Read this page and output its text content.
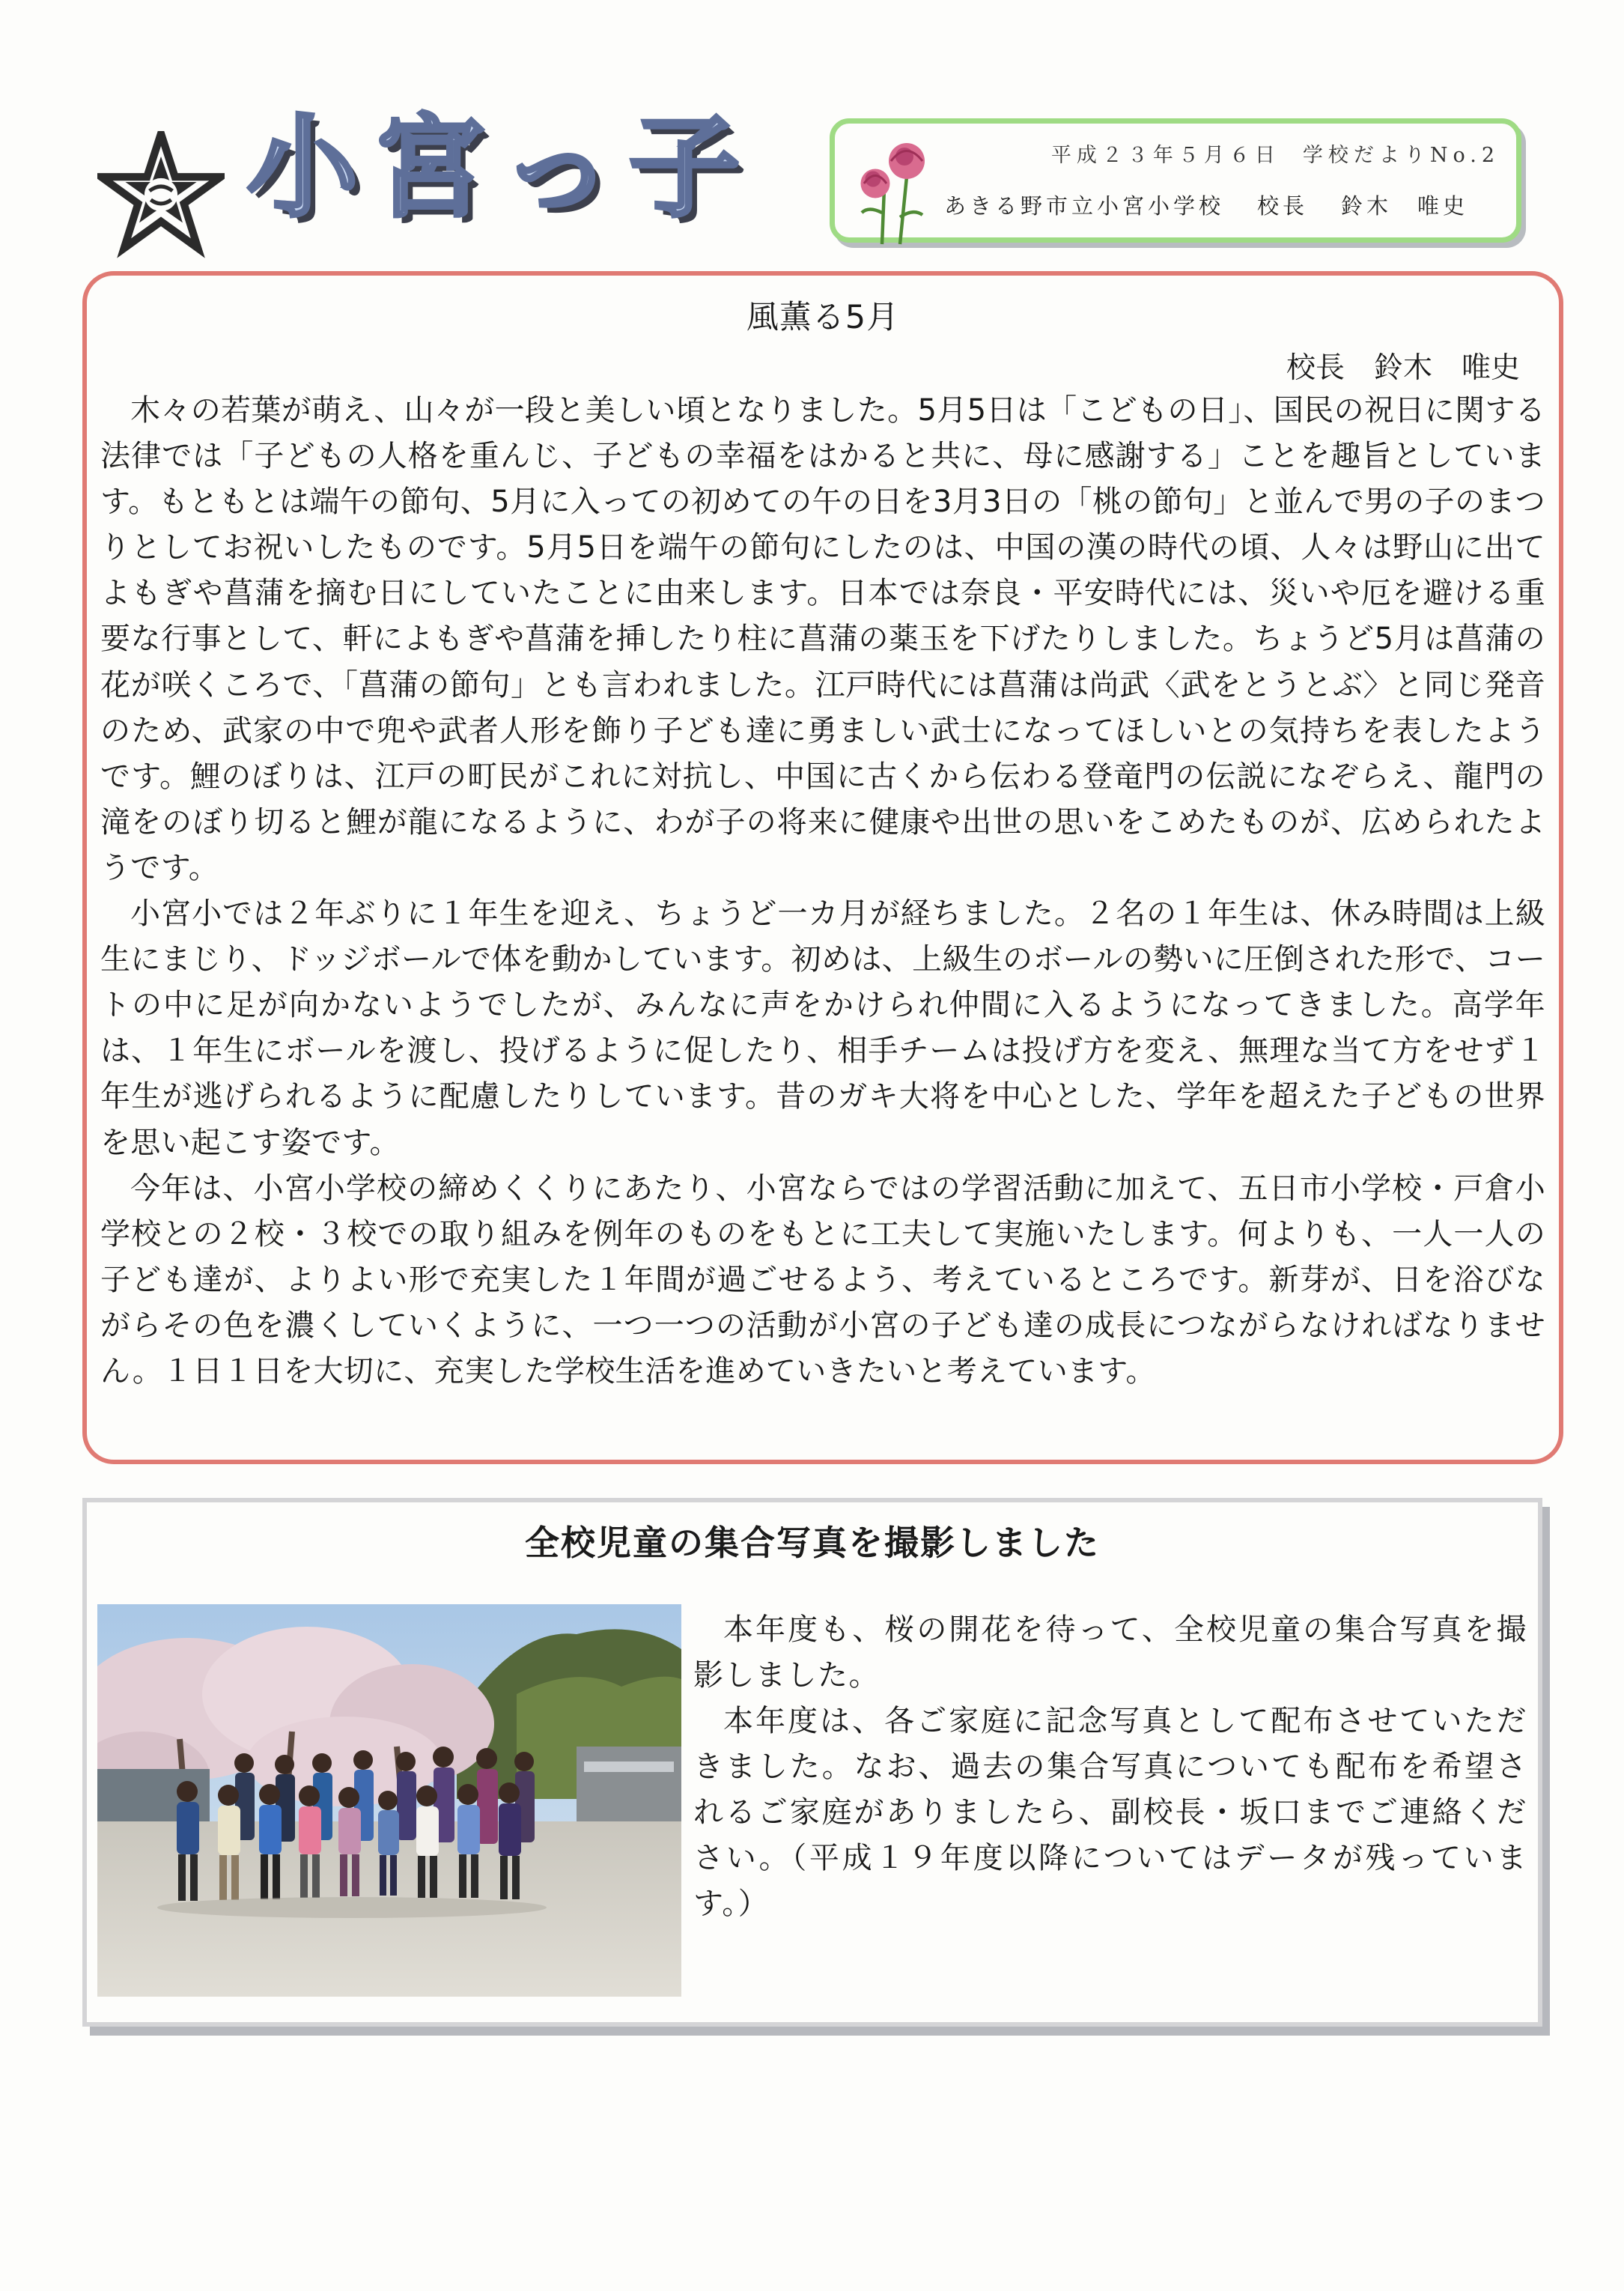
小宮っ子	平成２３年５月６日 学校だよりNo.2
あきる野市立小宮小学校 校長 鈴木　唯史
風薫る5月
校長　鈴木　唯史

木々の若葉が萌え、山々が一段と美しい頃となりました。5月5日は「こどもの日」、国民の祝日に関する法律では「子どもの人格を重んじ、子どもの幸福をはかると共に、母に感謝する」ことを趣旨としています。もともとは端午の節句、5月に入っての初めての午の日を3月3日の「桃の節句」と並んで男の子のまつりとしてお祝いしたものです。5月5日を端午の節句にしたのは、中国の漢の時代の頃、人々は野山に出てよもぎや菖蒲を摘む日にしていたことに由来します。日本では奈良・平安時代には、災いや厄を避ける重要な行事として、軒によもぎや菖蒲を挿したり柱に菖蒲の薬玉を下げたりしました。ちょうど5月は菖蒲の花が咲くころで、「菖蒲の節句」とも言われました。江戸時代には菖蒲は尚武〈武をとうとぶ〉と同じ発音のため、武家の中で兜や武者人形を飾り子ども達に勇ましい武士になってほしいとの気持ちを表したようです。鯉のぼりは、江戸の町民がこれに対抗し、中国に古くから伝わる登竜門の伝説になぞらえ、龍門の滝をのぼり切ると鯉が龍になるように、わが子の将来に健康や出世の思いをこめたものが、広められたようです。

小宮小では２年ぶりに１年生を迎え、ちょうど一カ月が経ちました。２名の１年生は、休み時間は上級生にまじり、ドッジボールで体を動かしています。初めは、上級生のボールの勢いに圧倒された形で、コートの中に足が向かないようでしたが、みんなに声をかけられ仲間に入るようになってきました。高学年は、１年生にボールを渡し、投げるように促したり、相手チームは投げ方を変え、無理な当て方をせず１年生が逃げられるように配慮したりしています。昔のガキ大将を中心とした、学年を超えた子どもの世界を思い起こす姿です。

今年は、小宮小学校の締めくくりにあたり、小宮ならではの学習活動に加えて、五日市小学校・戸倉小学校との２校・３校での取り組みを例年のものをもとに工夫して実施いたします。何よりも、一人一人の子ども達が、よりよい形で充実した１年間が過ごせるよう、考えているところです。新芽が、日を浴びながらその色を濃くしていくように、一つ一つの活動が小宮の子ども達の成長につながらなければなりません。１日１日を大切に、充実した学校生活を進めていきたいと考えています。

全校児童の集合写真を撮影しました

本年度も、桜の開花を待って、全校児童の集合写真を撮影しました。

本年度は、各ご家庭に記念写真として配布させていただきました。なお、過去の集合写真についても配布を希望されるご家庭がありましたら、副校長・坂口までご連絡ください。（平成１９年度以降についてはデータが残っています。）
